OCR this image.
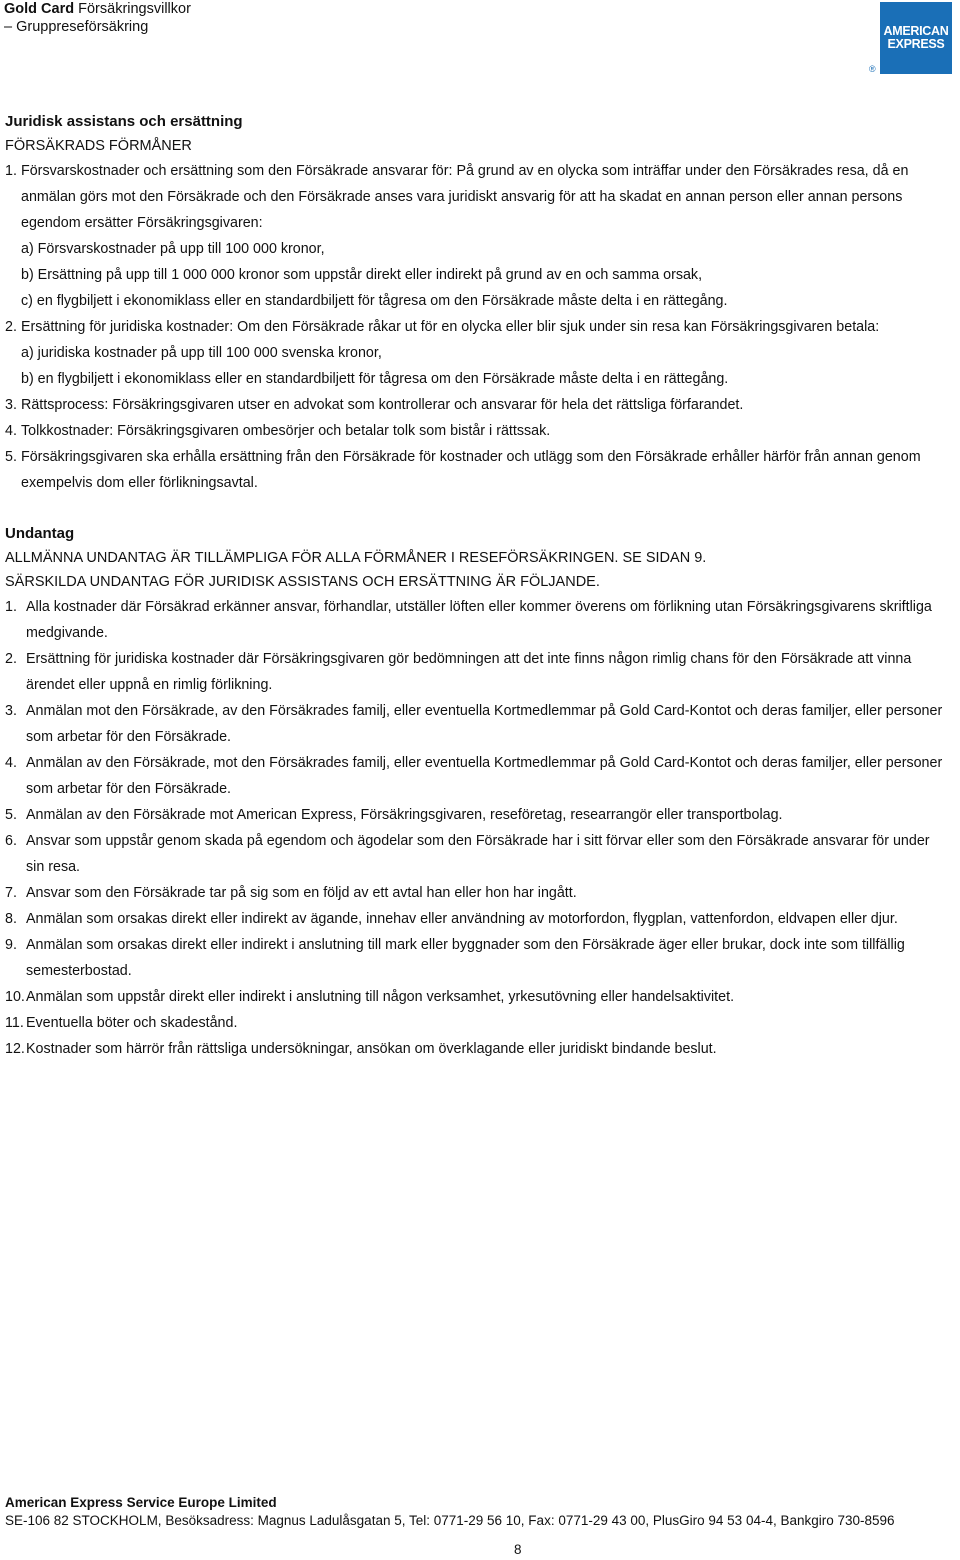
Gold Card Försäkringsvillkor
– Gruppreseförsäkring	AMERICAN
EXPRESS
®
Juridisk assistans och ersättning
FÖRSÄKRADS FÖRMÅNER
1. Försvarskostnader och ersättning som den Försäkrade ansvarar för: På grund av en olycka som inträffar under den Försäkrades resa, då en anmälan görs mot den Försäkrade och den Försäkrade anses vara juridiskt ansvarig för att ha skadat en annan person eller annan persons egendom ersätter Försäkringsgivaren:
a) Försvarskostnader på upp till 100 000 kronor,
b) Ersättning på upp till 1 000 000 kronor som uppstår direkt eller indirekt på grund av en och samma orsak,
c) en flygbiljett i ekonomiklass eller en standardbiljett för tågresa om den Försäkrade måste delta i en rättegång.
2. Ersättning för juridiska kostnader: Om den Försäkrade råkar ut för en olycka eller blir sjuk under sin resa kan Försäkringsgivaren betala:
a) juridiska kostnader på upp till 100 000 svenska kronor,
b) en flygbiljett i ekonomiklass eller en standardbiljett för tågresa om den Försäkrade måste delta i en rättegång.
3. Rättsprocess: Försäkringsgivaren utser en advokat som kontrollerar och ansvarar för hela det rättsliga förfarandet.
4. Tolkkostnader: Försäkringsgivaren ombesörjer och betalar tolk som bistår i rättssak.
5. Försäkringsgivaren ska erhålla ersättning från den Försäkrade för kostnader och utlägg som den Försäkrade erhåller härför från annan genom exempelvis dom eller förlikningsavtal.
Undantag
ALLMÄNNA UNDANTAG ÄR TILLÄMPLIGA FÖR ALLA FÖRMÅNER I RESEFÖRSÄKRINGEN. SE SIDAN 9.
SÄRSKILDA UNDANTAG FÖR JURIDISK ASSISTANS OCH ERSÄTTNING ÄR FÖLJANDE.
1. Alla kostnader där Försäkrad erkänner ansvar, förhandlar, utställer löften eller kommer överens om förlikning utan Försäkringsgivarens skriftliga medgivande.
2. Ersättning för juridiska kostnader där Försäkringsgivaren gör bedömningen att det inte finns någon rimlig chans för den Försäkrade att vinna ärendet eller uppnå en rimlig förlikning.
3. Anmälan mot den Försäkrade, av den Försäkrades familj, eller eventuella Kortmedlemmar på Gold Card-Kontot och deras familjer, eller personer som arbetar för den Försäkrade.
4. Anmälan av den Försäkrade, mot den Försäkrades familj, eller eventuella Kortmedlemmar på Gold Card-Kontot och deras familjer, eller personer som arbetar för den Försäkrade.
5. Anmälan av den Försäkrade mot American Express, Försäkringsgivaren, reseföretag, researrangör eller transportbolag.
6. Ansvar som uppstår genom skada på egendom och ägodelar som den Försäkrade har i sitt förvar eller som den Försäkrade ansvarar för under sin resa.
7. Ansvar som den Försäkrade tar på sig som en följd av ett avtal han eller hon har ingått.
8. Anmälan som orsakas direkt eller indirekt av ägande, innehav eller användning av motorfordon, flygplan, vattenfordon, eldvapen eller djur.
9. Anmälan som orsakas direkt eller indirekt i anslutning till mark eller byggnader som den Försäkrade äger eller brukar, dock inte som tillfällig semesterbostad.
10. Anmälan som uppstår direkt eller indirekt i anslutning till någon verksamhet, yrkesutövning eller handelsaktivitet.
11. Eventuella böter och skadestånd.
12. Kostnader som härrör från rättsliga undersökningar, ansökan om överklagande eller juridiskt bindande beslut.
American Express Service Europe Limited
SE-106 82 STOCKHOLM, Besöksadress: Magnus Ladulåsgatan 5, Tel: 0771-29 56 10, Fax: 0771-29 43 00, PlusGiro 94 53 04-4, Bankgiro 730-8596
8
